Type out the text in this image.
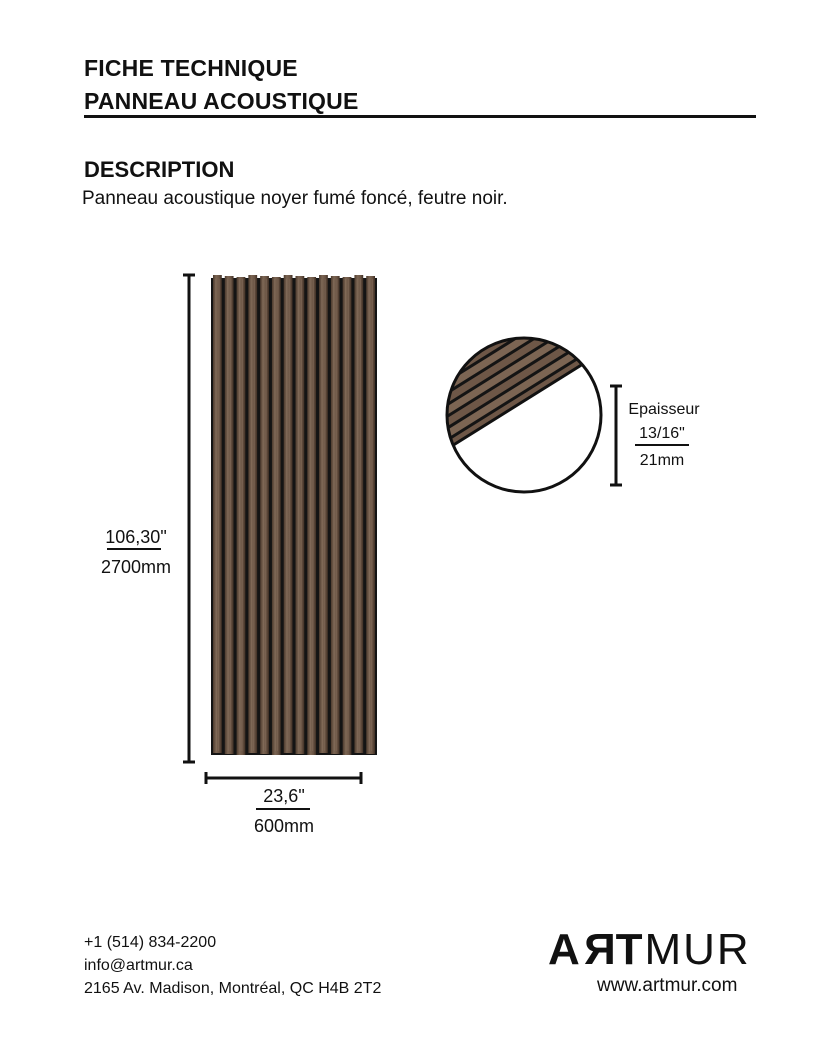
FICHE TECHNIQUE
PANNEAU ACOUSTIQUE
DESCRIPTION
Panneau acoustique noyer fumé foncé, feutre noir.
106,30"
2700mm
23,6"
600mm
Epaisseur
13/16"
21mm
+1 (514) 834-2200
info@artmur.ca
2165 Av. Madison, Montréal, QC H4B 2T2
ARTMUR
www.artmur.com
